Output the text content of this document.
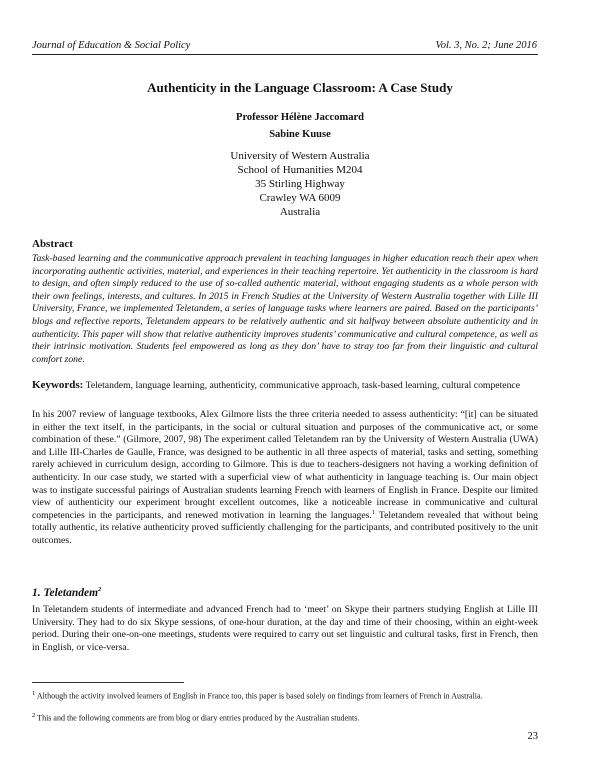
Journal of Education & Social Policy	Vol. 3, No. 2; June 2016
Authenticity in the Language Classroom: A Case Study
Professor Hélène Jaccomard
Sabine Kuuse
University of Western Australia
School of Humanities M204
35 Stirling Highway
Crawley WA 6009
Australia
Abstract

Task-based learning and the communicative approach prevalent in teaching languages in higher education reach their apex when incorporating authentic activities, material, and experiences in their teaching repertoire. Yet authenticity in the classroom is hard to design, and often simply reduced to the use of so-called authentic material, without engaging students as a whole person with their own feelings, interests, and cultures. In 2015 in French Studies at the University of Western Australia together with Lille III University, France, we implemented Teletandem, a series of language tasks where learners are paired. Based on the participants’ blogs and reflective reports, Teletandem appears to be relatively authentic and sit halfway between absolute authenticity and in authenticity. This paper will show that relative authenticity improves students’ communicative and cultural competence, as well as their intrinsic motivation. Students feel empowered as long as they don’ have to stray too far from their linguistic and cultural comfort zone.

Keywords: Teletandem, language learning, authenticity, communicative approach, task-based learning, cultural competence

In his 2007 review of language textbooks, Alex Gilmore lists the three criteria needed to assess authenticity: “[it] can be situated in either the text itself, in the participants, in the social or cultural situation and purposes of the communicative act, or some combination of these.” (Gilmore, 2007, 98) The experiment called Teletandem ran by the University of Western Australia (UWA) and Lille III-Charles de Gaulle, France, was designed to be authentic in all three aspects of material, tasks and setting, something rarely achieved in curriculum design, according to Gilmore. This is due to teachers-designers not having a working definition of authenticity. In our case study, we started with a superficial view of what authenticity in language teaching is. Our main object was to instigate successful pairings of Australian students learning French with learners of English in France. Despite our limited view of authenticity our experiment brought excellent outcomes, like a noticeable increase in communicative and cultural competencies in the participants, and renewed motivation in learning the languages.$^1$ Teletandem revealed that without being totally authentic, its relative authenticity proved sufficiently challenging for the participants, and contributed positively to the unit outcomes.

1. Teletandem$^2$

In Teletandem students of intermediate and advanced French had to ‘meet’ on Skype their partners studying English at Lille III University. They had to do six Skype sessions, of one-hour duration, at the day and time of their choosing, within an eight-week period. During their one-on-one meetings, students were required to carry out set linguistic and cultural tasks, first in French, then in English, or vice-versa.

$^1$ Although the activity involved learners of English in France too, this paper is based solely on findings from learners of French in Australia.

$^2$ This and the following comments are from blog or diary entries produced by the Australian students.

23
